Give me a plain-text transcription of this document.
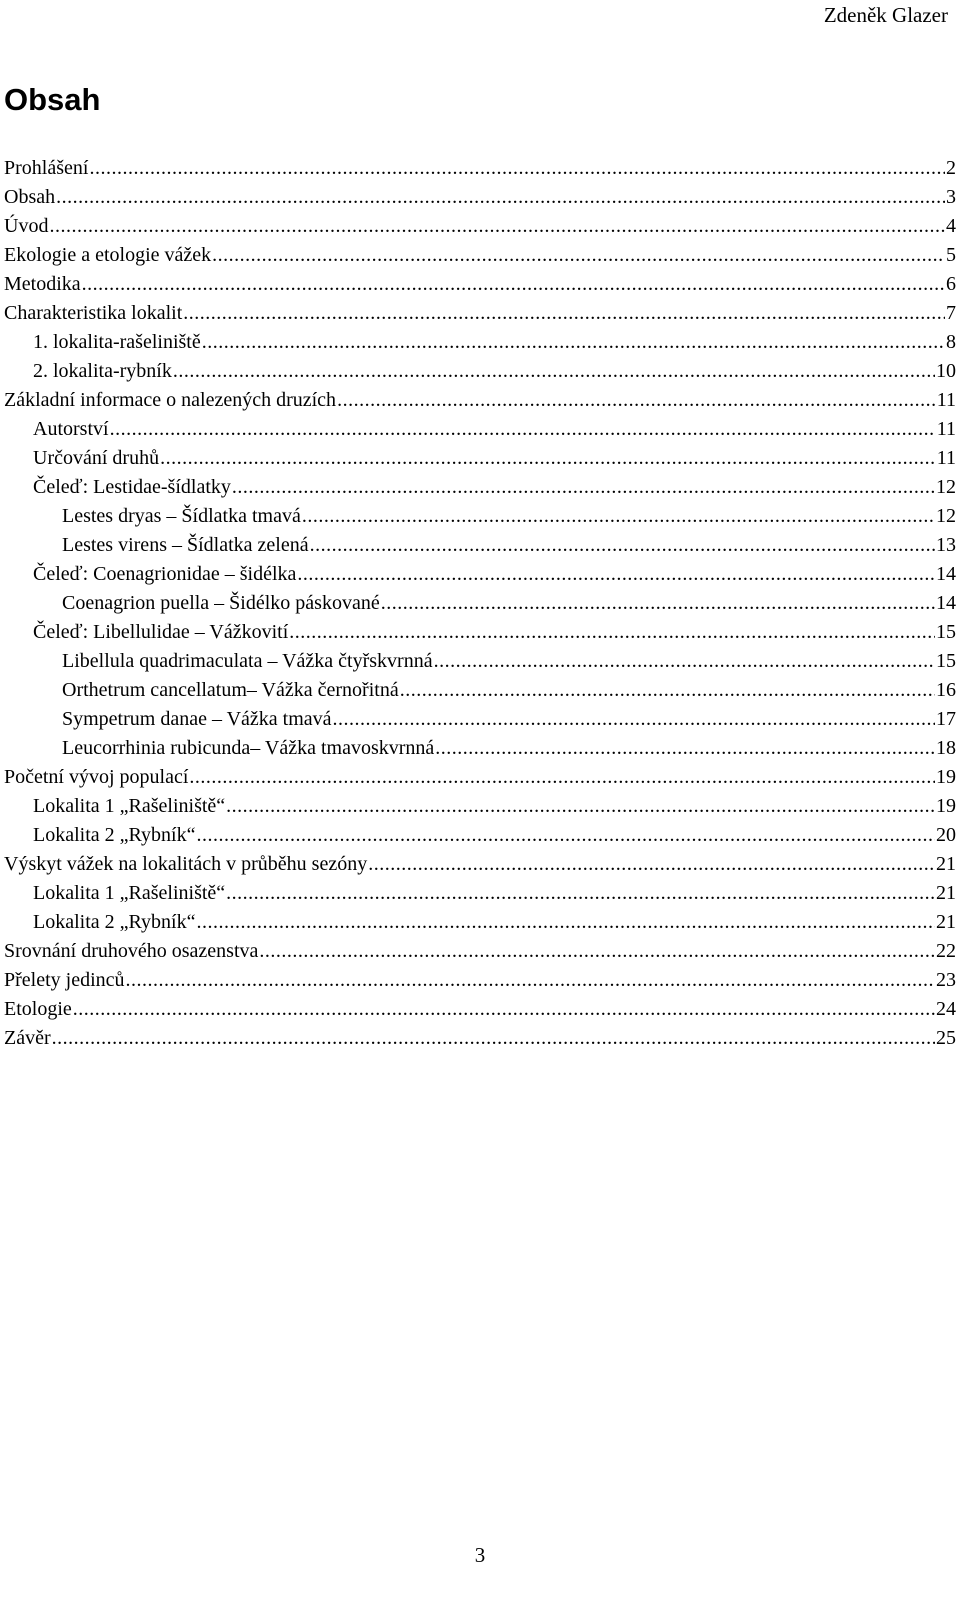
Zdeněk Glazer
Obsah
Prohlášení .....	2
Obsah .....	3
Úvod .....	4
Ekologie a etologie vážek .....	5
Metodika .....	6
Charakteristika lokalit .....	7
1. lokalita-rašeliniště .....	8
2. lokalita-rybník .....	10
Základní informace o nalezených druzích .....	11
Autorství .....	11
Určování druhů .....	11
Čeleď: Lestidae-šídlatky .....	12
Lestes dryas – Šídlatka tmavá .....	12
Lestes virens – Šídlatka zelená .....	13
Čeleď: Coenagrionidae – šidélka .....	14
Coenagrion puella – Šidélko páskované .....	14
Čeleď: Libellulidae – Vážkovití .....	15
Libellula quadrimaculata – Vážka čtyřskvrnná .....	15
Orthetrum cancellatum– Vážka černořitná .....	16
Sympetrum danae – Vážka tmavá .....	17
Leucorrhinia rubicunda– Vážka tmavoskvrnná .....	18
Početní vývoj populací .....	19
Lokalita 1 „Rašeliniště“ .....	19
Lokalita 2 „Rybník“ .....	20
Výskyt vážek na lokalitách v průběhu sezóny .....	21
Lokalita 1 „Rašeliniště“ .....	21
Lokalita 2 „Rybník“ .....	21
Srovnání druhového osazenstva .....	22
Přelety jedinců .....	23
Etologie .....	24
Závěr .....	25
3
